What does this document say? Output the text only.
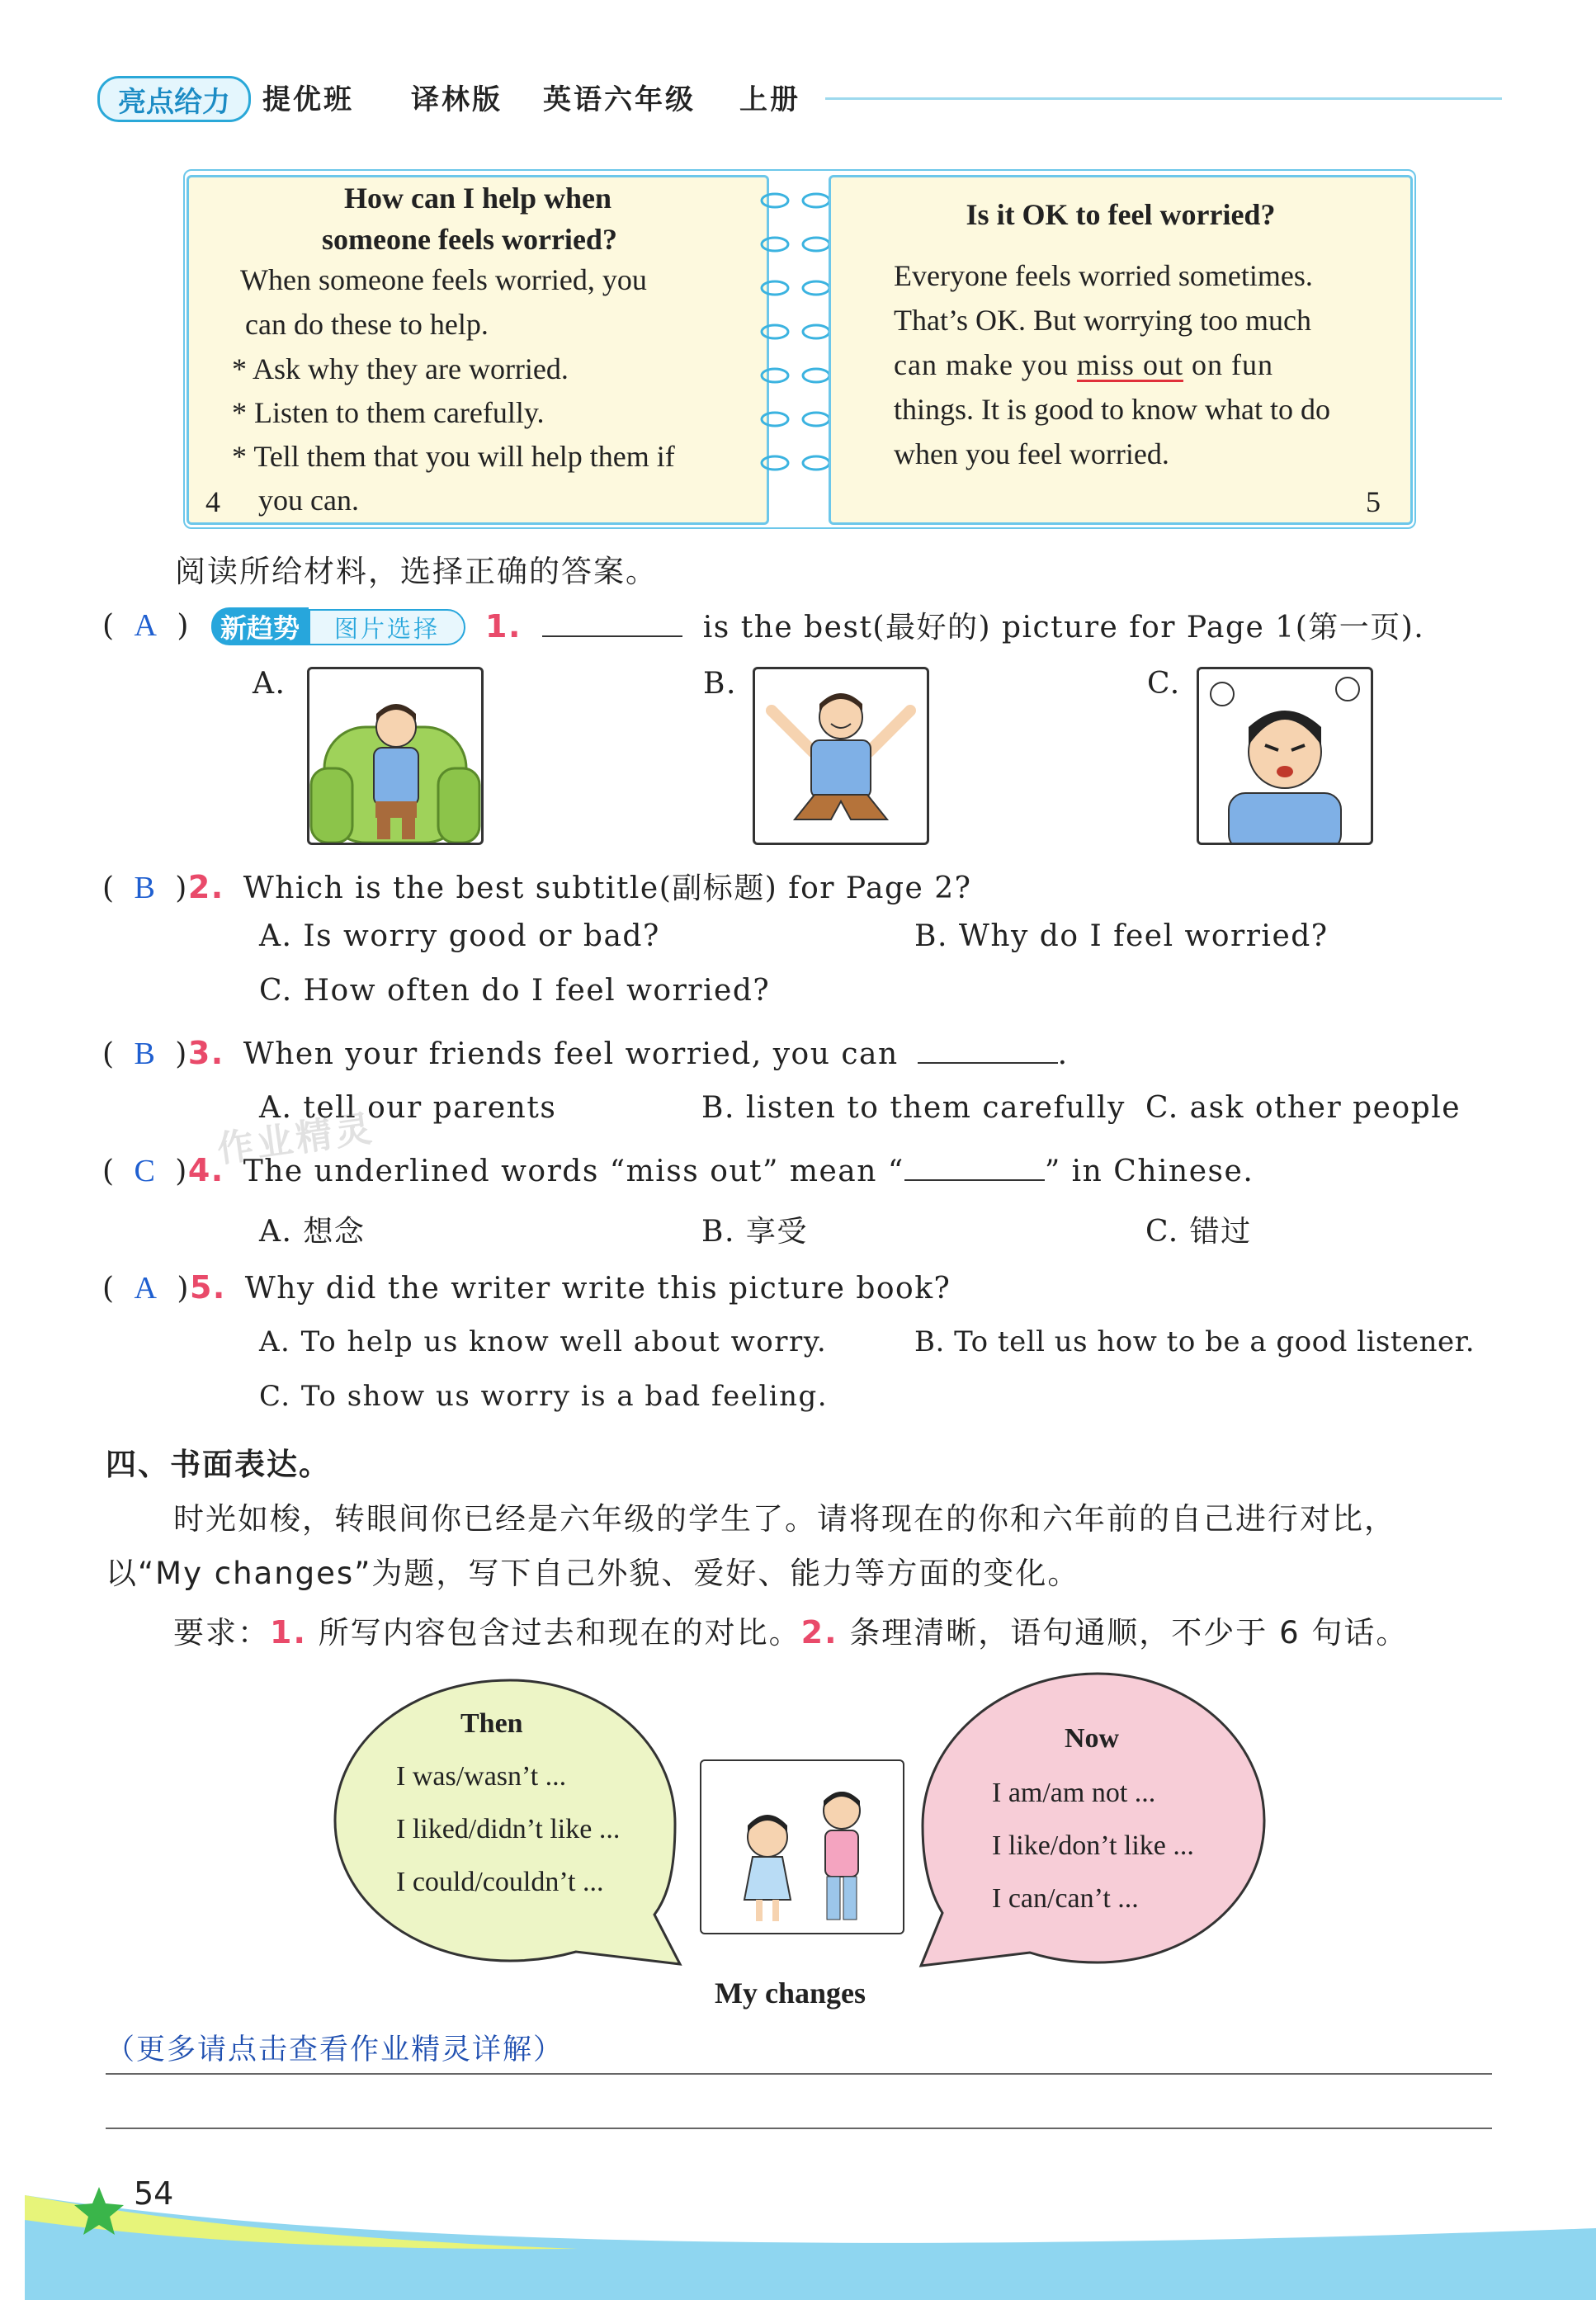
亮点给力	提优班 译林版 英语六年级 上册
How can I help when
someone feels worried?
When someone feels worried, you
can do these to help.
* Ask why they are worried.
* Listen to them carefully.
* Tell them that you will help them if
you can.
4
Is it OK to feel worried?
Everyone feels worried sometimes.
That’s OK. But worrying too much
can make you miss out on fun
things. It is good to know what to do
when you feel worried.
5
阅读所给材料，选择正确的答案。
( A )	新趋势	图片选择	1.	is the best(最好的) picture for Page 1(第一页).
A.	B.	C.
( B )2. Which is the best subtitle(副标题) for Page 2?
A. Is worry good or bad?	B. Why do I feel worried?
C. How often do I feel worried?
( B )3. When your friends feel worried, you can	.
A. tell our parents	B. listen to them carefully C. ask other people
( C )4. The underlined words “miss out” mean “	” in Chinese.
A. 想念	B. 享受	C. 错过
( A )5. Why did the writer write this picture book?
A. To help us know well about worry.	B. To tell us how to be a good listener.
C. To show us worry is a bad feeling.
四、书面表达。
时光如梭，转眼间你已经是六年级的学生了。请将现在的你和六年前的自己进行对比，
以“My changes”为题，写下自己外貌、爱好、能力等方面的变化。
要求：1. 所写内容包含过去和现在的对比。2. 条理清晰，语句通顺，不少于 6 句话。
Then
I was/wasn’t ...
I liked/didn’t like ...
I could/couldn’t ...
Now
I am/am not ...
I like/don’t like ...
I can/can’t ...
My changes
（更多请点击查看作业精灵详解）
54
作业精灵
